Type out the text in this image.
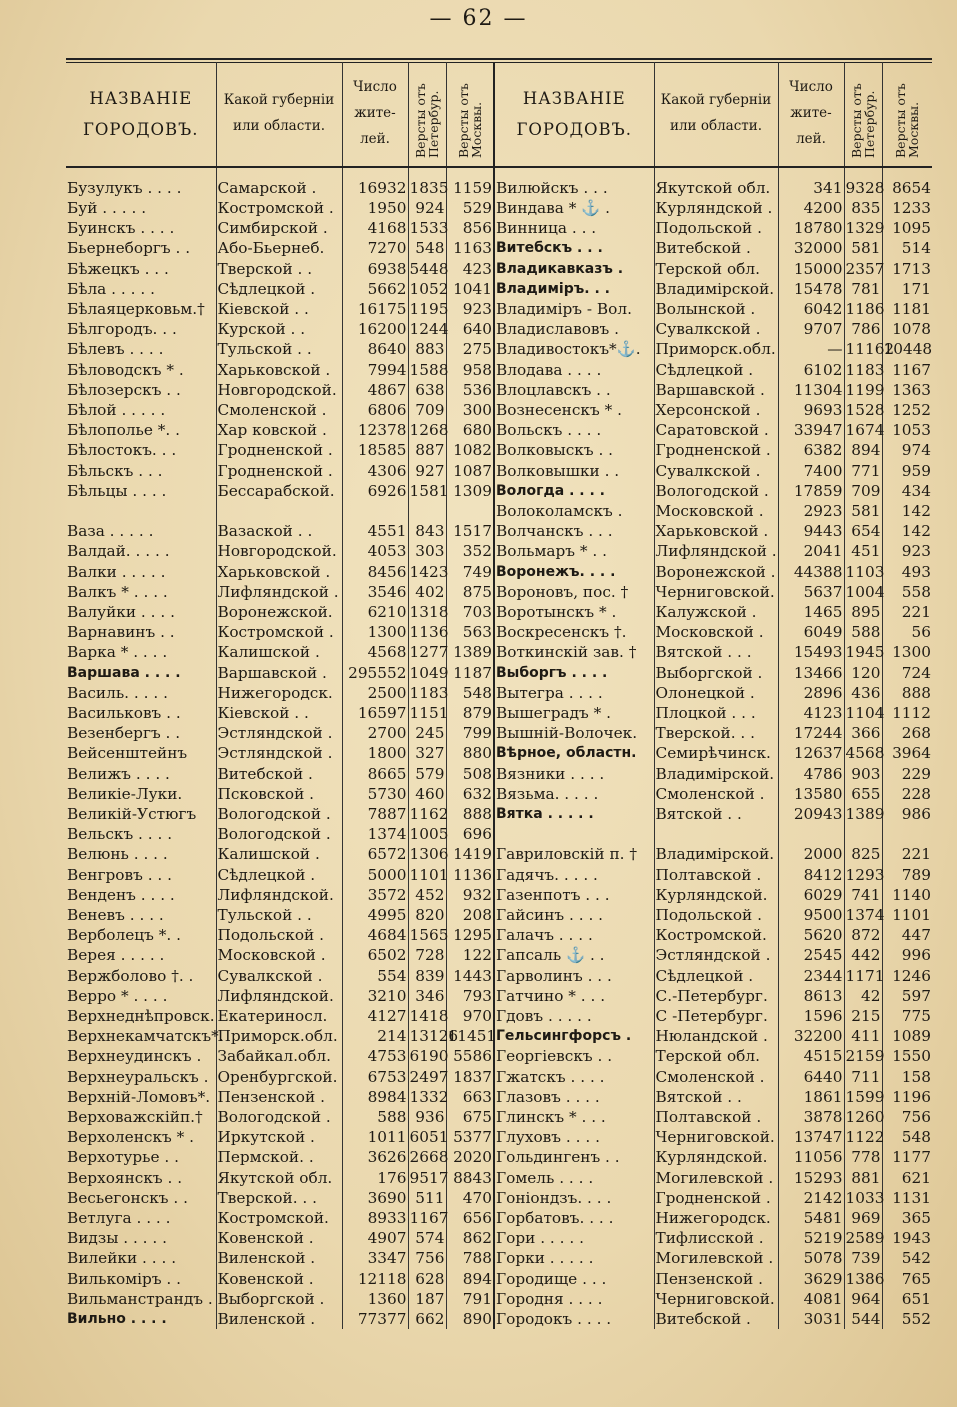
— 62 —
НАЗВАНІЕ ГОРОДОВЪ.	Какой губерніи или области.	Число жите- лей.	Версты отъ Петербур.	Версты отъ Москвы.	НАЗВАНІЕ ГОРОДОВЪ.	Какой губерніи или области.	Число жите- лей.	Версты отъ Петербур.	Версты отъ Москвы.

Бузулукъ . . . .	Самарской .	16932	1835	1159	Вилюйскъ . . .	Якутской обл.	341	9328	8654
Буй . . . . .	Костромской .	1950	924	529	Виндава * ⚓ .	Курляндской .	4200	835	1233
Буинскъ . . . .	Симбирской .	4168	1533	856	Винница . . .	Подольской .	18780	1329	1095
Бьернеборгъ . .	Або-Бьернеб.	7270	548	1163	Витебскъ . . .	Витебской .	32000	581	514
Бѣжецкъ . . .	Тверской . .	6938	5448	423	Владикавказъ .	Терской обл.	15000	2357	1713
Бѣла . . . . .	Сѣдлецкой .	5662	1052	1041	Владиміръ. . .	Владимірской.	15478	781	171
Бѣлаяцерковьм.†	Кіевской . .	16175	1195	923	Владиміръ - Вол.	Волынской .	6042	1186	1181
Бѣлгородъ. . .	Курской . .	16200	1244	640	Владиславовъ .	Сувалкской .	9707	786	1078
Бѣлевъ . . . .	Тульской . .	8640	883	275	Владивостокъ*⚓.	Приморск.обл.	—	11162	10448
Бѣловодскъ * .	Харьковской .	7994	1588	958	Влодава . . . .	Сѣдлецкой .	6102	1183	1167
Бѣлозерскъ . .	Новгородской.	4867	638	536	Влоцлавскъ . .	Варшавской .	11304	1199	1363
Бѣлой . . . . .	Смоленской .	6806	709	300	Вознесенскъ * .	Херсонской .	9693	1528	1252
Бѣлополье *. .	Хар ковской .	12378	1268	680	Вольскъ . . . .	Саратовской .	33947	1674	1053
Бѣлостокъ. . .	Гродненской .	18585	887	1082	Волковыскъ . .	Гродненской .	6382	894	974
Бѣльскъ . . .	Гродненской .	4306	927	1087	Волковышки . .	Сувалкской .	7400	771	959
Бѣльцы . . . .	Бессарабской.	6926	1581	1309	Вологда . . . .	Вологодской .	17859	709	434
					Волоколамскъ .	Московской .	2923	581	142
Ваза . . . . .	Вазаской . .	4551	843	1517	Волчанскъ . . .	Харьковской .	9443	654	142
Валдай. . . . .	Новгородской.	4053	303	352	Вольмаръ * . .	Лифляндской .	2041	451	923
Валки . . . . .	Харьковской .	8456	1423	749	Воронежъ. . . .	Воронежской .	44388	1103	493
Валкъ * . . . .	Лифляндской .	3546	402	875	Вороновъ, пос. †	Черниговской.	5637	1004	558
Валуйки . . . .	Воронежской.	6210	1318	703	Воротынскъ * .	Калужской .	1465	895	221
Варнавинъ . .	Костромской .	1300	1136	563	Воскресенскъ †.	Московской .	6049	588	56
Варка * . . . .	Калишской .	4568	1277	1389	Воткинскій зав. †	Вятской . . .	15493	1945	1300
Варшава . . . .	Варшавской .	295552	1049	1187	Выборгъ . . . .	Выборгской .	13466	120	724
Василь. . . . .	Нижегородск.	2500	1183	548	Вытегра . . . .	Олонецкой .	2896	436	888
Васильковъ . .	Кіевской . .	16597	1151	879	Вышеградъ * .	Плоцкой . . .	4123	1104	1112
Везенбергъ . .	Эстляндской .	2700	245	799	Вышній-Волочек.	Тверской. . .	17244	366	268
Вейсенштейнъ	Эстляндской .	1800	327	880	Вѣрное, областн.	Семирѣчинск.	12637	4568	3964
Велижъ . . . .	Витебской .	8665	579	508	Вязники . . . .	Владимірской.	4786	903	229
Великіе-Луки.	Псковской .	5730	460	632	Вязьма. . . . .	Смоленской .	13580	655	228
Великій-Устюгъ	Вологодской .	7887	1162	888	Вятка . . . . .	Вятской . .	20943	1389	986
Вельскъ . . . .	Вологодской .	1374	1005	696					
Велюнь . . . .	Калишской .	6572	1306	1419	Гавриловскій п. †	Владимірской.	2000	825	221
Венгровъ . . .	Сѣдлецкой .	5000	1101	1136	Гадячъ. . . . .	Полтавской .	8412	1293	789
Венденъ . . . .	Лифляндской.	3572	452	932	Газенпотъ . . .	Курляндской.	6029	741	1140
Веневъ . . . .	Тульской . .	4995	820	208	Гайсинъ . . . .	Подольской .	9500	1374	1101
Верболецъ *. .	Подольской .	4684	1565	1295	Галачъ . . . .	Костромской.	5620	872	447
Верея . . . . .	Московской .	6502	728	122	Гапсаль ⚓ . .	Эстляндской .	2545	442	996
Вержболово †. .	Сувалкской .	554	839	1443	Гарволинъ . . .	Сѣдлецкой .	2344	1171	1246
Верро * . . . .	Лифляндской.	3210	346	793	Гатчино * . . .	С.-Петербург.	8613	42	597
Верхнеднѣпровск.	Екатериносл.	4127	1418	970	Гдовъ . . . . .	С -Петербург.	1596	215	775
Верхнекамчатскъ*.	Приморск.обл.	214	13126	11451	Гельсингфорсъ .	Нюландской .	32200	411	1089
Верхнеудинскъ .	Забайкал.обл.	4753	6190	5586	Георгіевскъ . .	Терской обл.	4515	2159	1550
Верхнеуральскъ .	Оренбургской.	6753	2497	1837	Гжатскъ . . . .	Смоленской .	6440	711	158
Верхній-Ломовъ*.	Пензенской .	8984	1332	663	Глазовъ . . . .	Вятской . .	1861	1599	1196
Верховажскійп.†	Вологодской .	588	936	675	Глинскъ * . . .	Полтавской .	3878	1260	756
Верхоленскъ * .	Иркутской .	1011	6051	5377	Глуховъ . . . .	Черниговской.	13747	1122	548
Верхотурье . .	Пермской. .	3626	2668	2020	Гольдингенъ . .	Курляндской.	11056	778	1177
Верхоянскъ . .	Якутской обл.	176	9517	8843	Гомель . . . .	Могилевской .	15293	881	621
Весьегонскъ . .	Тверской. . .	3690	511	470	Гоніондзъ. . . .	Гродненской .	2142	1033	1131
Ветлуга . . . .	Костромской.	8933	1167	656	Горбатовъ. . . .	Нижегородск.	5481	969	365
Видзы . . . . .	Ковенской .	4907	574	862	Гори . . . . .	Тифлисской .	5219	2589	1943
Вилейки . . . .	Виленской .	3347	756	788	Горки . . . . .	Могилевской .	5078	739	542
Вилькоміръ . .	Ковенской .	12118	628	894	Городище . . .	Пензенской .	3629	1386	765
Вильманстрандъ .	Выборгской .	1360	187	791	Городня . . . .	Черниговской.	4081	964	651
Вильно . . . .	Виленской .	77377	662	890	Городокъ . . . .	Витебской .	3031	544	552
